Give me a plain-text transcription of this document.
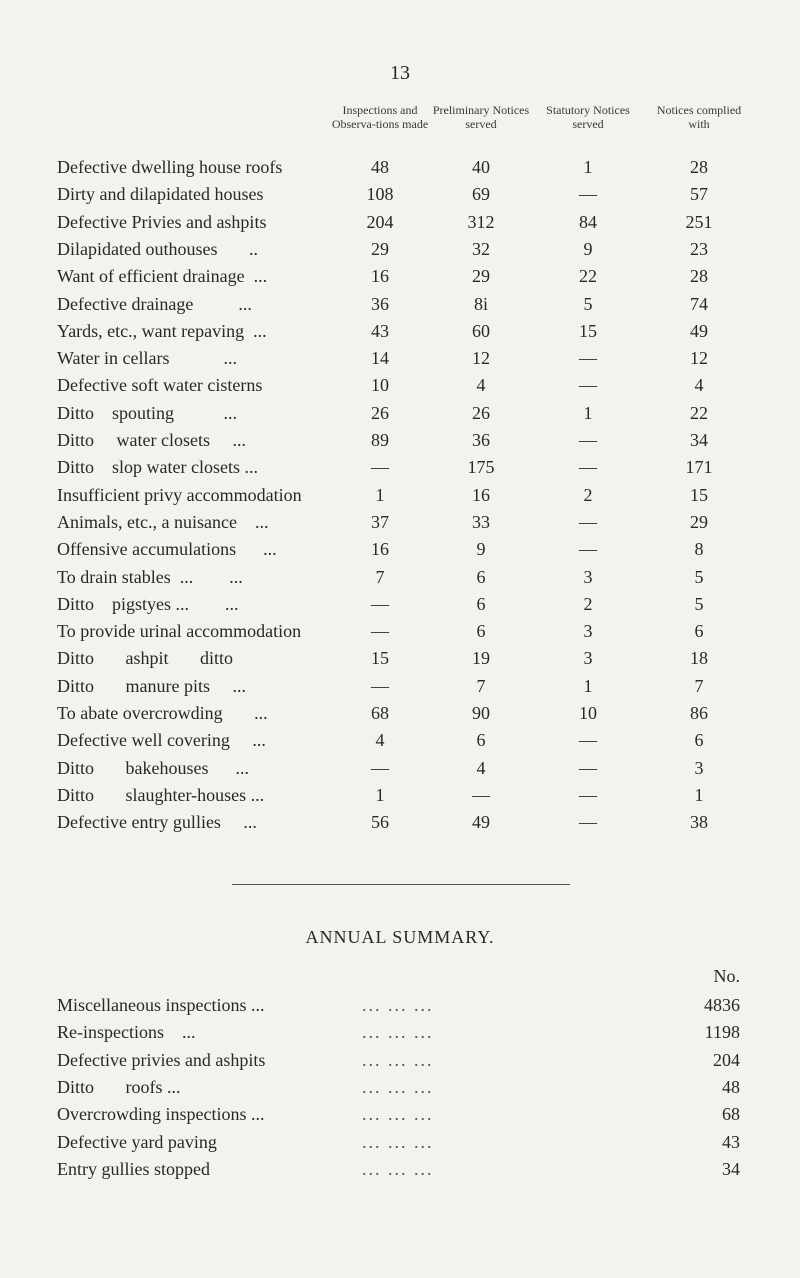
13
Inspections and Observa-tions made
Preliminary Notices served
Statutory Notices served
Notices complied with
Defective dwelling house roofs	48	40	1	28
Dirty and dilapidated houses	108	69	—	57
Defective Privies and ashpits	204	312	84	251
Dilapidated outhouses       ..	29	32	9	23
Want of efficient drainage  ...	16	29	22	28
Defective drainage          ...	36	8i	5	74
Yards, etc., want repaving  ...	43	60	15	49
Water in cellars            ...	14	12	—	12
Defective soft water cisterns	10	4	—	4
Ditto    spouting           ...	26	26	1	22
Ditto     water closets     ...	89	36	—	34
Ditto    slop water closets ...	—	175	—	171
Insufficient privy accommodation	1	16	2	15
Animals, etc., a nuisance    ...	37	33	—	29
Offensive accumulations      ...	16	9	—	8
To drain stables  ...        ...	7	6	3	5
Ditto    pigstyes ...        ...	—	6	2	5
To provide urinal accommodation	—	6	3	6
Ditto       ashpit       ditto	15	19	3	18
Ditto       manure pits     ...	—	7	1	7
To abate overcrowding       ...	68	90	10	86
Defective well covering     ...	4	6	—	6
Ditto       bakehouses      ...	—	4	—	3
Ditto       slaughter-houses ...	1	—	—	1
Defective entry gullies     ...	56	49	—	38
ANNUAL SUMMARY.
No.
Miscellaneous inspections ...	... ... ...	4836
Re-inspections    ...	... ... ...	1198
Defective privies and ashpits	... ... ...	204
Ditto       roofs ...	... ... ...	48
Overcrowding inspections ...	... ... ...	68
Defective yard paving	... ... ...	43
Entry gullies stopped	... ... ...	34
